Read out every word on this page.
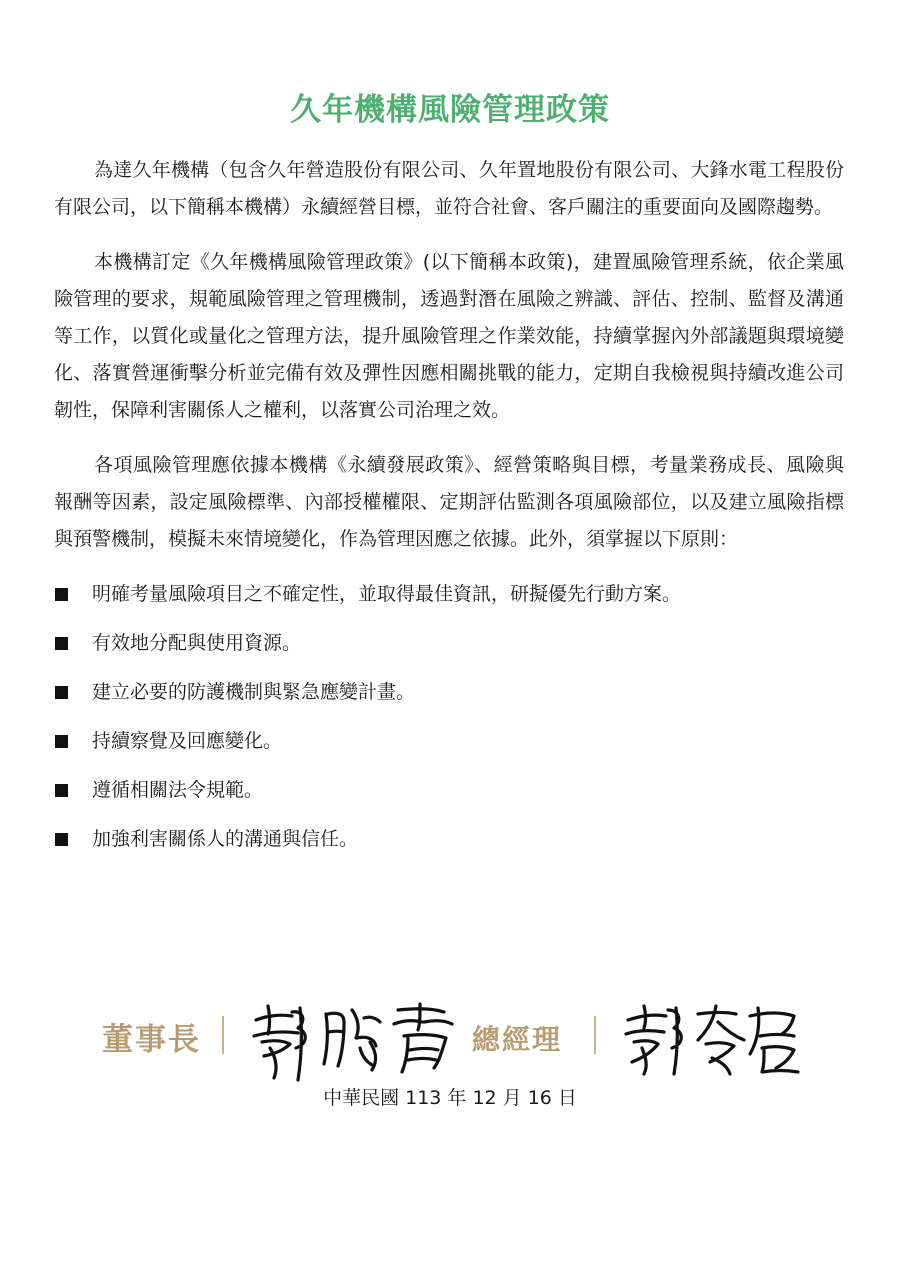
久年機構風險管理政策

為達久年機構（包含久年營造股份有限公司、久年置地股份有限公司、大鋒水電工程股份有限公司，以下簡稱本機構）永續經營目標，並符合社會、客戶關注的重要面向及國際趨勢。

本機構訂定《久年機構風險管理政策》(以下簡稱本政策)，建置風險管理系統，依企業風險管理的要求，規範風險管理之管理機制，透過對潛在風險之辨識、評估、控制、監督及溝通等工作，以質化或量化之管理方法，提升風險管理之作業效能，持續掌握內外部議題與環境變化、落實營運衝擊分析並完備有效及彈性因應相關挑戰的能力，定期自我檢視與持續改進公司韌性，保障利害關係人之權利，以落實公司治理之效。

各項風險管理應依據本機構《永續發展政策》、經營策略與目標，考量業務成長、風險與報酬等因素，設定風險標準、內部授權權限、定期評估監測各項風險部位，以及建立風險指標與預警機制，模擬未來情境變化，作為管理因應之依據。此外，須掌握以下原則：

明確考量風險項目之不確定性，並取得最佳資訊，研擬優先行動方案。
有效地分配與使用資源。
建立必要的防護機制與緊急應變計畫。
持續察覺及回應變化。
遵循相關法令規範。
加強利害關係人的溝通與信任。
董事長	總經理

中華民國 113 年 12 月 16 日
